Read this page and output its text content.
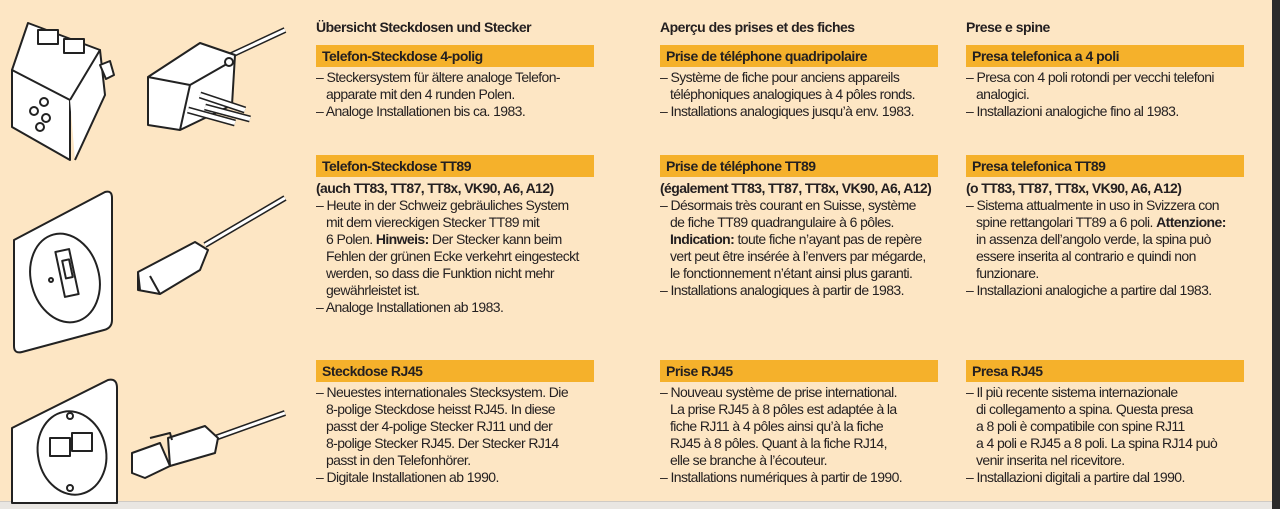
Übersicht Steckdosen und Stecker
Telefon-Steckdose 4-polig
– Steckersystem für ältere analoge Telefon-
apparate mit den 4 runden Polen.
– Analoge Installationen bis ca. 1983.
Telefon-Steckdose TT89
(auch TT83, TT87, TT8x, VK90, A6, A12)
– Heute in der Schweiz gebräuliches System
mit dem viereckigen Stecker TT89 mit
6 Polen. Hinweis: Der Stecker kann beim
Fehlen der grünen Ecke verkehrt eingesteckt
werden, so dass die Funktion nicht mehr
gewährleistet ist.
– Analoge Installationen ab 1983.
Steckdose RJ45
– Neuestes internationales Stecksystem. Die
8-polige Steckdose heisst RJ45. In diese
passt der 4-polige Stecker RJ11 und der
8-polige Stecker RJ45. Der Stecker RJ14
passt in den Telefonhörer.
– Digitale Installationen ab 1990.
Aperçu des prises et des fiches
Prise de téléphone quadripolaire
– Système de fiche pour anciens appareils
téléphoniques analogiques à 4 pôles ronds.
– Installations analogiques jusqu’à env. 1983.
Prise de téléphone TT89
(également TT83, TT87, TT8x, VK90, A6, A12)
– Désormais très courant en Suisse, système
de fiche TT89 quadrangulaire à 6 pôles.
Indication: toute fiche n’ayant pas de repère
vert peut être insérée à l’envers par mégarde,
le fonctionnement n’étant ainsi plus garanti.
– Installations analogiques à partir de 1983.
Prise RJ45
– Nouveau système de prise international.
La prise RJ45 à 8 pôles est adaptée à la
fiche RJ11 à 4 pôles ainsi qu’à la fiche
RJ45 à 8 pôles. Quant à la fiche RJ14,
elle se branche à l’écouteur.
– Installations numériques à partir de 1990.
Prese e spine
Presa telefonica a 4 poli
– Presa con 4 poli rotondi per vecchi telefoni
analogici.
– Installazioni analogiche fino al 1983.
Presa telefonica TT89
(o TT83, TT87, TT8x, VK90, A6, A12)
– Sistema attualmente in uso in Svizzera con
spine rettangolari TT89 a 6 poli. Attenzione:
in assenza dell’angolo verde, la spina può
essere inserita al contrario e quindi non
funzionare.
– Installazioni analogiche a partire dal 1983.
Presa RJ45
– Il più recente sistema internazionale
di collegamento a spina. Questa presa
a 8 poli è compatibile con spine RJ11
a 4 poli e RJ45 a 8 poli. La spina RJ14 può
venir inserita nel ricevitore.
– Installazioni digitali a partire dal 1990.
